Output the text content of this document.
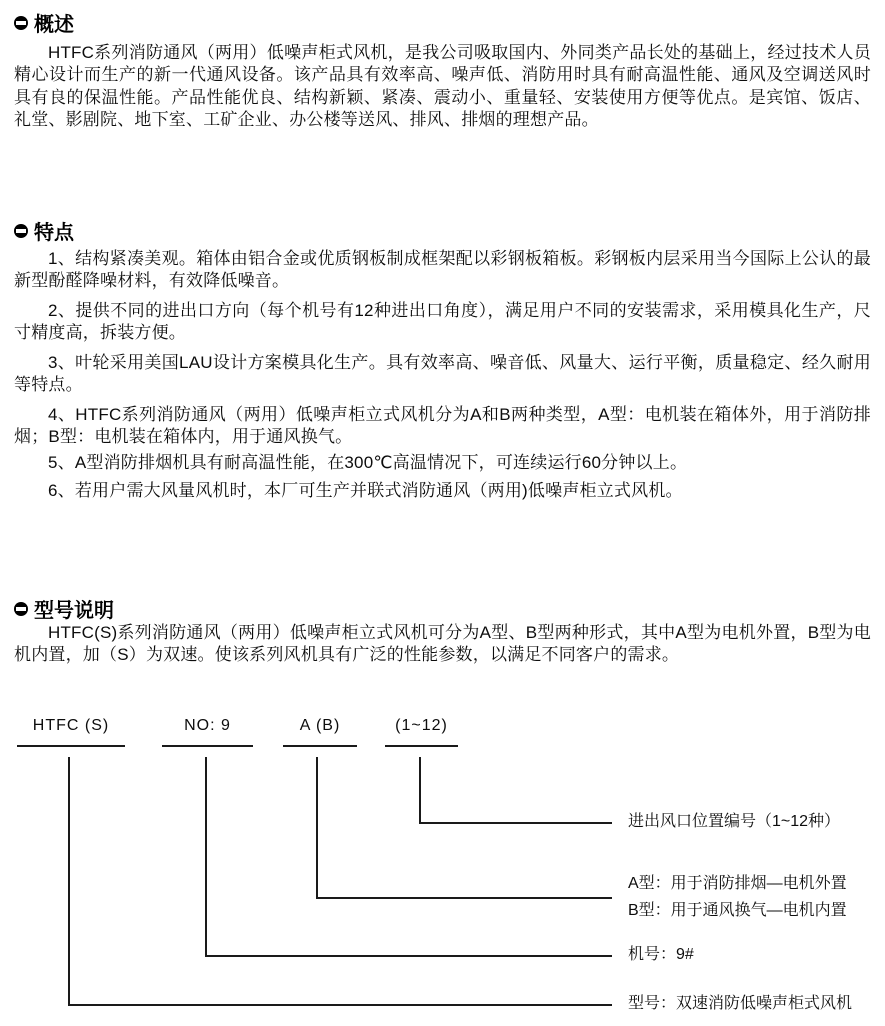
概述
HTFC系列消防通风（两用）低噪声柜式风机，是我公司吸取国内、外同类产品长处的基础上，经过技术人员精心设计而生产的新一代通风设备。该产品具有效率高、噪声低、消防用时具有耐高温性能、通风及空调送风时具有良的保温性能。产品性能优良、结构新颖、紧凑、震动小、重量轻、安装使用方便等优点。是宾馆、饭店、礼堂、影剧院、地下室、工矿企业、办公楼等送风、排风、排烟的理想产品。
特点
1、结构紧凑美观。箱体由铝合金或优质钢板制成框架配以彩钢板箱板。彩钢板内层采用当今国际上公认的最新型酚醛降噪材料，有效降低噪音。
2、提供不同的进出口方向（每个机号有12种进出口角度），满足用户不同的安装需求，采用模具化生产，尺寸精度高，拆装方便。
3、叶轮采用美国LAU设计方案模具化生产。具有效率高、噪音低、风量大、运行平衡，质量稳定、经久耐用等特点。
4、HTFC系列消防通风（两用）低噪声柜立式风机分为A和B两种类型，A型：电机装在箱体外，用于消防排烟；B型：电机装在箱体内，用于通风换气。
5、A型消防排烟机具有耐高温性能，在300℃高温情况下，可连续运行60分钟以上。
6、若用户需大风量风机时，本厂可生产并联式消防通风（两用)低噪声柜立式风机。
型号说明
HTFC(S)系列消防通风（两用）低噪声柜立式风机可分为A型、B型两种形式，其中A型为电机外置，B型为电机内置，加（S）为双速。使该系列风机具有广泛的性能参数，以满足不同客户的需求。
HTFC (S)	NO: 9	A (B)	(1~12)
进出风口位置编号（1~12种）
A型：用于消防排烟—电机外置
B型：用于通风换气—电机内置
机号：9#
型号：双速消防低噪声柜式风机
